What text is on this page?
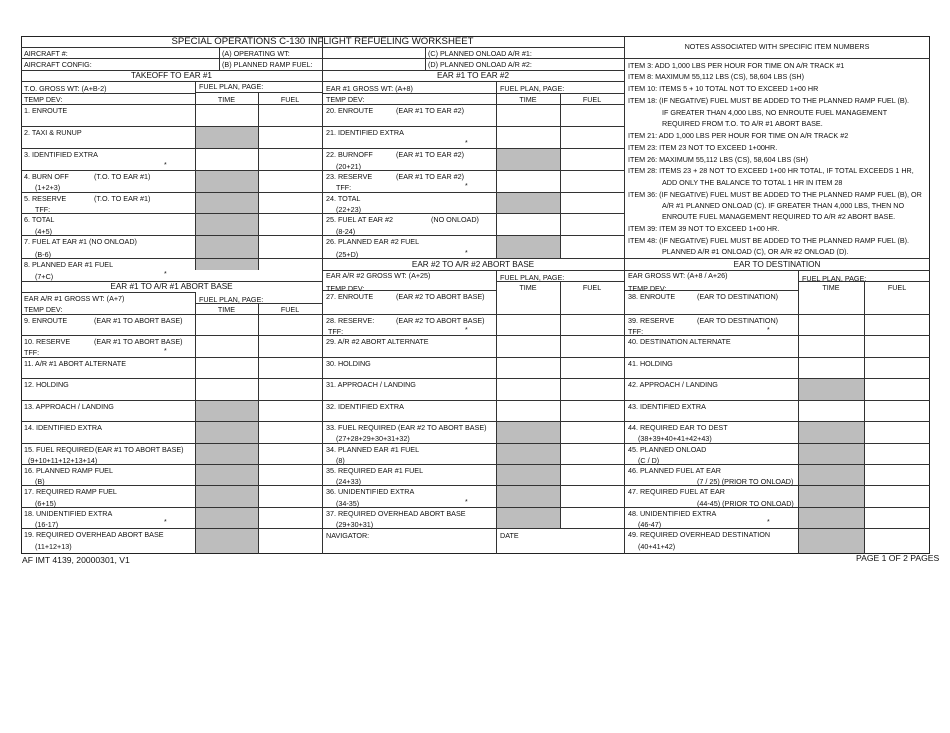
SPECIAL OPERATIONS C-130 INFLIGHT REFUELING WORKSHEET
AIRCRAFT #:	(A) OPERATING WT:	(C) PLANNED ONLOAD A/R #1:
AIRCRAFT CONFIG:	(B) PLANNED RAMP FUEL:	(D) PLANNED ONLOAD A/R #2:
TAKEOFF TO EAR #1
T.O. GROSS WT: (A+B-2)	FUEL PLAN, PAGE:
TEMP DEV:	TIME	FUEL
1. ENROUTE
2. TAXI & RUNUP
3. IDENTIFIED EXTRA
*
4. BURN OFF	(T.O. TO EAR #1)
(1+2+3)
5. RESERVE	(T.O. TO EAR #1)
TFF:
6. TOTAL
(4+5)
7. FUEL AT EAR #1 (NO ONLOAD)
(B-6)
8. PLANNED EAR #1 FUEL
(7+C)	*
EAR #1 TO A/R #1 ABORT BASE
EAR A/R #1 GROSS WT: (A+7)	FUEL PLAN, PAGE:
TEMP DEV:	TIME	FUEL
9. ENROUTE	(EAR #1 TO ABORT BASE)
10. RESERVE	(EAR #1 TO ABORT BASE)
TFF:	*
11. A/R #1 ABORT ALTERNATE
12. HOLDING
13. APPROACH / LANDING
14. IDENTIFIED EXTRA
15. FUEL REQUIRED (EAR #1 TO ABORT BASE)
(9+10+11+12+13+14)
16. PLANNED RAMP FUEL
(B)
17. REQUIRED RAMP FUEL
(6+15)
18. UNIDENTIFIED EXTRA
(16-17)	*
19. REQUIRED OVERHEAD ABORT BASE
(11+12+13)
EAR #1 TO EAR #2
EAR #1 GROSS WT: (A+8)	FUEL PLAN, PAGE:
TEMP DEV:	TIME	FUEL
20. ENROUTE	(EAR #1 TO EAR #2)
21. IDENTIFIED EXTRA
*
22. BURNOFF	(EAR #1 TO EAR #2)
(20+21)
23. RESERVE	(EAR #1 TO EAR #2)
TFF:	*
24. TOTAL
(22+23)
25. FUEL AT EAR #2	(NO ONLOAD)
(8-24)
26. PLANNED EAR #2 FUEL
(25+D)	*
EAR #2 TO A/R #2 ABORT BASE
EAR A/R #2 GROSS WT: (A+25)	FUEL PLAN, PAGE:
TEMP DEV:	TIME	FUEL
27. ENROUTE	(EAR #2 TO ABORT BASE)
28. RESERVE:	(EAR #2 TO ABORT BASE)
TFF:	*
29. A/R #2 ABORT ALTERNATE
30. HOLDING
31. APPROACH / LANDING
32. IDENTIFIED EXTRA
33. FUEL REQUIRED (EAR #2 TO ABORT BASE)
(27+28+29+30+31+32)
34. PLANNED EAR #1 FUEL
(8)
35. REQUIRED EAR #1 FUEL
(24+33)
36. UNIDENTIFIED EXTRA
(34-35)	*
37. REQUIRED OVERHEAD ABORT BASE
(29+30+31)
NAVIGATOR:	DATE
EAR TO DESTINATION
EAR GROSS WT: (A+8 / A+26)	FUEL PLAN, PAGE:
TEMP DEV:	TIME	FUEL
38. ENROUTE	(EAR TO DESTINATION)
39. RESERVE	(EAR TO DESTINATION)
TFF:	*
40. DESTINATION ALTERNATE
41. HOLDING
42. APPROACH / LANDING
43. IDENTIFIED EXTRA
44. REQUIRED EAR TO DEST
(38+39+40+41+42+43)
45. PLANNED ONLOAD
(C / D)
46. PLANNED FUEL AT EAR
(7 / 25) (PRIOR TO ONLOAD)
47. REQUIRED FUEL AT EAR
(44-45) (PRIOR TO ONLOAD)
48. UNIDENTIFIED EXTRA
(46-47)	*
49. REQUIRED OVERHEAD DESTINATION
(40+41+42)
NOTES ASSOCIATED WITH SPECIFIC ITEM NUMBERS
ITEM 3: ADD 1,000 LBS PER HOUR FOR TIME ON A/R TRACK #1
ITEM 8: MAXIMUM 55,112 LBS (CS), 58,604 LBS (SH)
ITEM 10: ITEMS 5 + 10 TOTAL NOT TO EXCEED 1+00 HR
ITEM 18: (IF NEGATIVE) FUEL MUST BE ADDED TO THE PLANNED RAMP FUEL (B).
IF GREATER THAN 4,000 LBS, NO ENROUTE FUEL MANAGEMENT
REQUIRED FROM T.O. TO A/R #1 ABORT BASE.
ITEM 21: ADD 1,000 LBS PER HOUR FOR TIME ON A/R TRACK #2
ITEM 23: ITEM 23 NOT TO EXCEED 1+00HR.
ITEM 26: MAXIMUM 55,112 LBS (CS), 58,604 LBS (SH)
ITEM 28: ITEMS 23 + 28 NOT TO EXCEED 1+00 HR TOTAL, IF TOTAL EXCEEDS 1 HR,
ADD ONLY THE BALANCE TO TOTAL 1 HR IN ITEM 28
ITEM 36: (IF NEGATIVE) FUEL MUST BE ADDED TO THE PLANNED RAMP FUEL (B), OR
A/R #1 PLANNED ONLOAD (C). IF GREATER THAN 4,000 LBS, THEN NO
ENROUTE FUEL MANAGEMENT REQUIRED TO A/R #2 ABORT BASE.
ITEM 39: ITEM 39 NOT TO EXCEED 1+00 HR.
ITEM 48: (IF NEGATIVE) FUEL MUST BE ADDED TO THE PLANNED RAMP FUEL (B).
PLANNED A/R #1 ONLOAD (C), OR A/R #2 ONLOAD (D).
AF IMT 4139, 20000301, V1	PAGE 1 OF 2 PAGES
